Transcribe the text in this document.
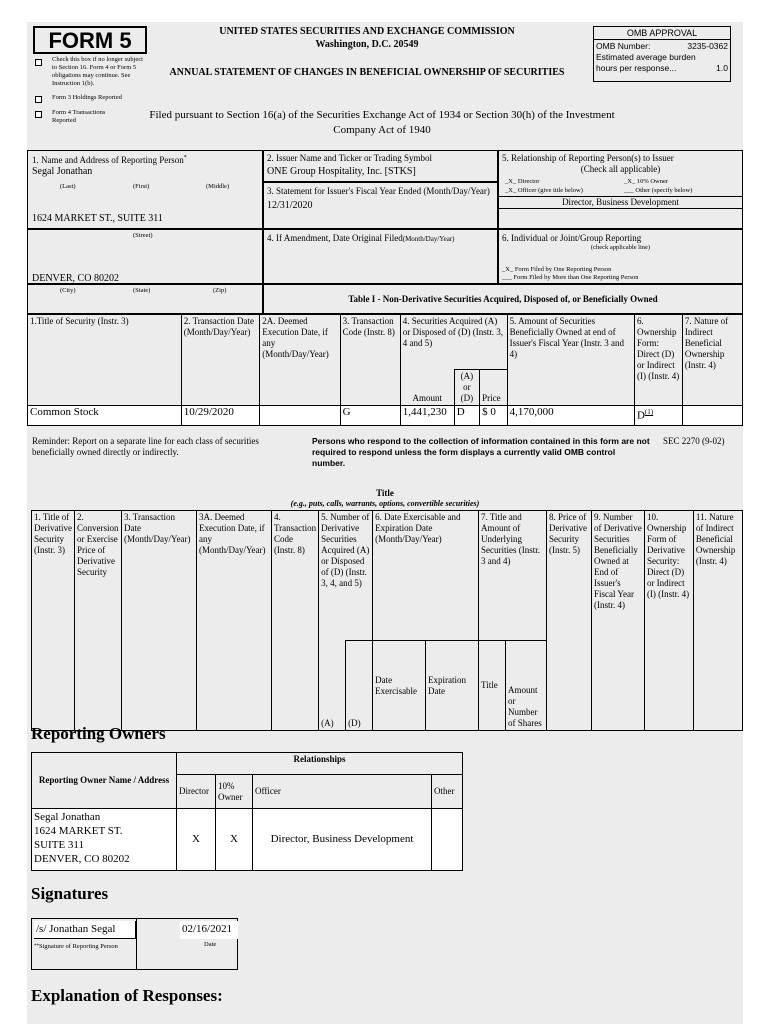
FORM 5
Check this box if no longer subject to Section 16. Form 4 or Form 5 obligations may continue. See Instruction 1(b).
Form 3 Holdings Reported
Form 4 Transactions Reported
UNITED STATES SECURITIES AND EXCHANGE COMMISSION
Washington, D.C. 20549
ANNUAL STATEMENT OF CHANGES IN BENEFICIAL OWNERSHIP OF SECURITIES
Filed pursuant to Section 16(a) of the Securities Exchange Act of 1934 or Section 30(h) of the Investment Company Act of 1940
OMB APPROVAL
OMB Number:	3235-0362

Estimated average burden
hours per response...	1.0
1. Name and Address of Reporting Person*
Segal Jonathan
(Last)	(First)	(Middle)
1624 MARKET ST., SUITE 311
(Street)
DENVER, CO 80202
(City)	(State)	(Zip)
2. Issuer Name and Ticker or Trading Symbol
ONE Group Hospitality, Inc. [STKS]
3. Statement for Issuer's Fiscal Year Ended (Month/Day/Year)
12/31/2020
4. If Amendment, Date Original Filed(Month/Day/Year)
5. Relationship of Reporting Person(s) to Issuer
(Check all applicable)
_X_ Director	_X_ 10% Owner
_X_ Officer (give title below)	___ Other (specify below)
Director, Business Development
6. Individual or Joint/Group Reporting
(check applicable line)
_X_ Form Filed by One Reporting Person
___ Form Filed by More than One Reporting Person
Table I - Non-Derivative Securities Acquired, Disposed of, or Beneficially Owned
1.Title of Security (Instr. 3)	2. Transaction Date (Month/Day/Year)	2A. Deemed Execution Date, if any (Month/Day/Year)	3. Transaction Code (Instr. 8)	4. Securities Acquired (A) or Disposed of (D) (Instr. 3, 4 and 5)			5. Amount of Securities Beneficially Owned at end of Issuer's Fiscal Year (Instr. 3 and 4)	6. Ownership Form: Direct (D) or Indirect (I) (Instr. 4)	7. Nature of Indirect Beneficial Ownership (Instr. 4)
				Amount	(A) or (D)	Price			
Common Stock	10/29/2020		G	1,441,230	D	$ 0	4,170,000	$D^{(1)}$	
Reminder: Report on a separate line for each class of securities beneficially owned directly or indirectly.
Persons who respond to the collection of information contained in this form are not required to respond unless the form displays a currently valid OMB control number.
SEC 2270 (9-02)
Title
(e.g., puts, calls, warrants, options, convertible securities)
1. Title of Derivative Security (Instr. 3)	2. Conversion or Exercise Price of Derivative Security	3. Transaction Date (Month/Day/Year)	3A. Deemed Execution Date, if any (Month/Day/Year)	4. Transaction Code (Instr. 8)	5. Number of Derivative Securities Acquired (A) or Disposed of (D) (Instr. 3, 4, and 5)		6. Date Exercisable and Expiration Date (Month/Day/Year)		7. Title and Amount of Underlying Securities (Instr. 3 and 4)		8. Price of Derivative Security (Instr. 5)	9. Number of Derivative Securities Beneficially Owned at End of Issuer's Fiscal Year (Instr. 4)	10. Ownership Form of Derivative Security: Direct (D) or Indirect (I) (Instr. 4)	11. Nature of Indirect Beneficial Ownership (Instr. 4)
					(A)	(D)	Date Exercisable	Expiration Date	Title	Amount or Number of Shares				
Reporting Owners
Reporting Owner Name / Address	Relationships			
	Director	10% Owner	Officer	Other

Segal Jonathan
1624 MARKET ST.
SUITE 311
DENVER, CO 80202	X	X	Director, Business Development	
Signatures
/s/ Jonathan Segal
**Signature of Reporting Person
02/16/2021
Date
Explanation of Responses:
